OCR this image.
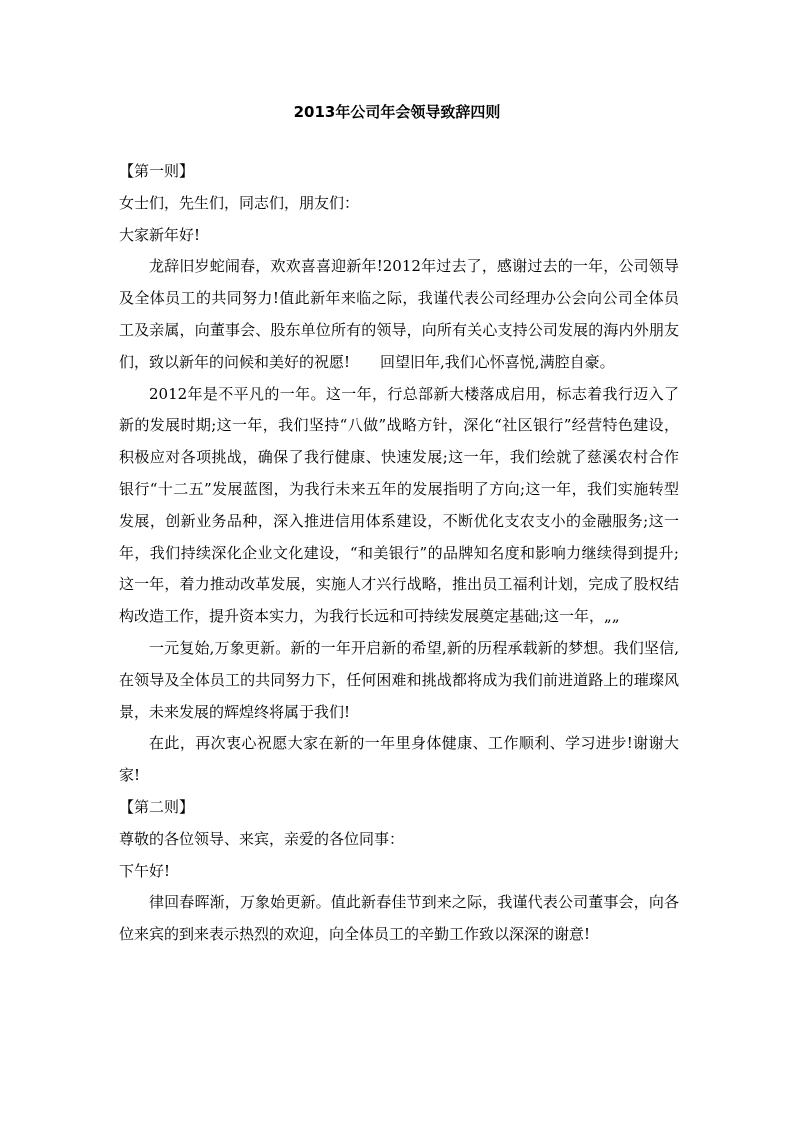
2013年公司年会领导致辞四则

【第一则】

女士们，先生们，同志们，朋友们：

大家新年好!

龙辞旧岁蛇闹春，欢欢喜喜迎新年!2012年过去了，感谢过去的一年，公司领导及全体员工的共同努力!值此新年来临之际，我谨代表公司经理办公会向公司全体员工及亲属，向董事会、股东单位所有的领导，向所有关心支持公司发展的海内外朋友们，致以新年的问候和美好的祝愿!　　回望旧年,我们心怀喜悦,满腔自豪。

2012年是不平凡的一年。这一年，行总部新大楼落成启用，标志着我行迈入了新的发展时期;这一年，我们坚持“八做”战略方针，深化“社区银行”经营特色建设，积极应对各项挑战，确保了我行健康、快速发展;这一年，我们绘就了慈溪农村合作银行“十二五”发展蓝图，为我行未来五年的发展指明了方向;这一年，我们实施转型发展，创新业务品种，深入推进信用体系建设，不断优化支农支小的金融服务;这一年，我们持续深化企业文化建设，“和美银行”的品牌知名度和影响力继续得到提升;这一年，着力推动改革发展，实施人才兴行战略，推出员工福利计划，完成了股权结构改造工作，提升资本实力，为我行长远和可持续发展奠定基础;这一年，„„

一元复始,万象更新。新的一年开启新的希望,新的历程承载新的梦想。我们坚信,在领导及全体员工的共同努力下，任何困难和挑战都将成为我们前进道路上的璀璨风景，未来发展的辉煌终将属于我们!

在此，再次衷心祝愿大家在新的一年里身体健康、工作顺利、学习进步!谢谢大家!

【第二则】

尊敬的各位领导、来宾，亲爱的各位同事：

下午好!

律回春晖渐，万象始更新。值此新春佳节到来之际，我谨代表公司董事会，向各位来宾的到来表示热烈的欢迎，向全体员工的辛勤工作致以深深的谢意!
